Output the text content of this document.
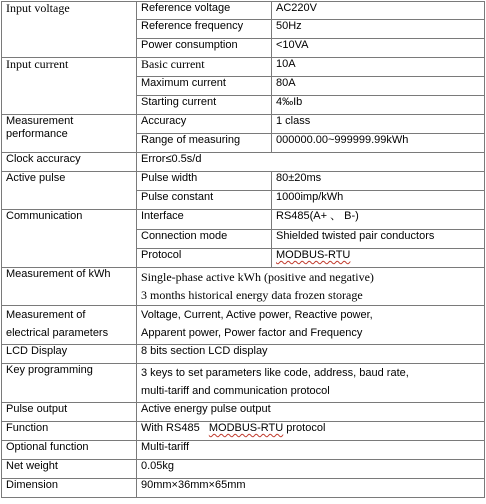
Input voltage	Reference voltage	AC220V
	Reference frequency	50Hz
	Power consumption	<10VA
Input current	Basic current	10A
	Maximum current	80A
	Starting current	4‰Ib

Measurement
performance	Accuracy	1 class
	Range of measuring	000000.00~999999.99kWh
Clock accuracy	Error≤0.5s/d	
Active pulse	Pulse width	80±20ms
	Pulse constant	1000imp/kWh
Communication	Interface	RS485(A+ 、 B-)
	Connection mode	Shielded twisted pair conductors
	Protocol	MODBUS-RTU
Measurement of kWh	Single-phase active kWh (positive and negative)
3 months historical energy data frozen storage	

Measurement of
electrical parameters	Voltage, Current, Active power, Reactive power,
Apparent power, Power factor and Frequency	

LCD Display	8 bits section LCD display	
Key programming	3 keys to set parameters like code, address, baud rate,
multi-tariff and communication protocol	

Pulse output	Active energy pulse output	
Function	With RS485   MODBUS-RTU protocol	
Optional function	Multi-tariff	
Net weight	0.05kg	
Dimension	90mm×36mm×65mm	
